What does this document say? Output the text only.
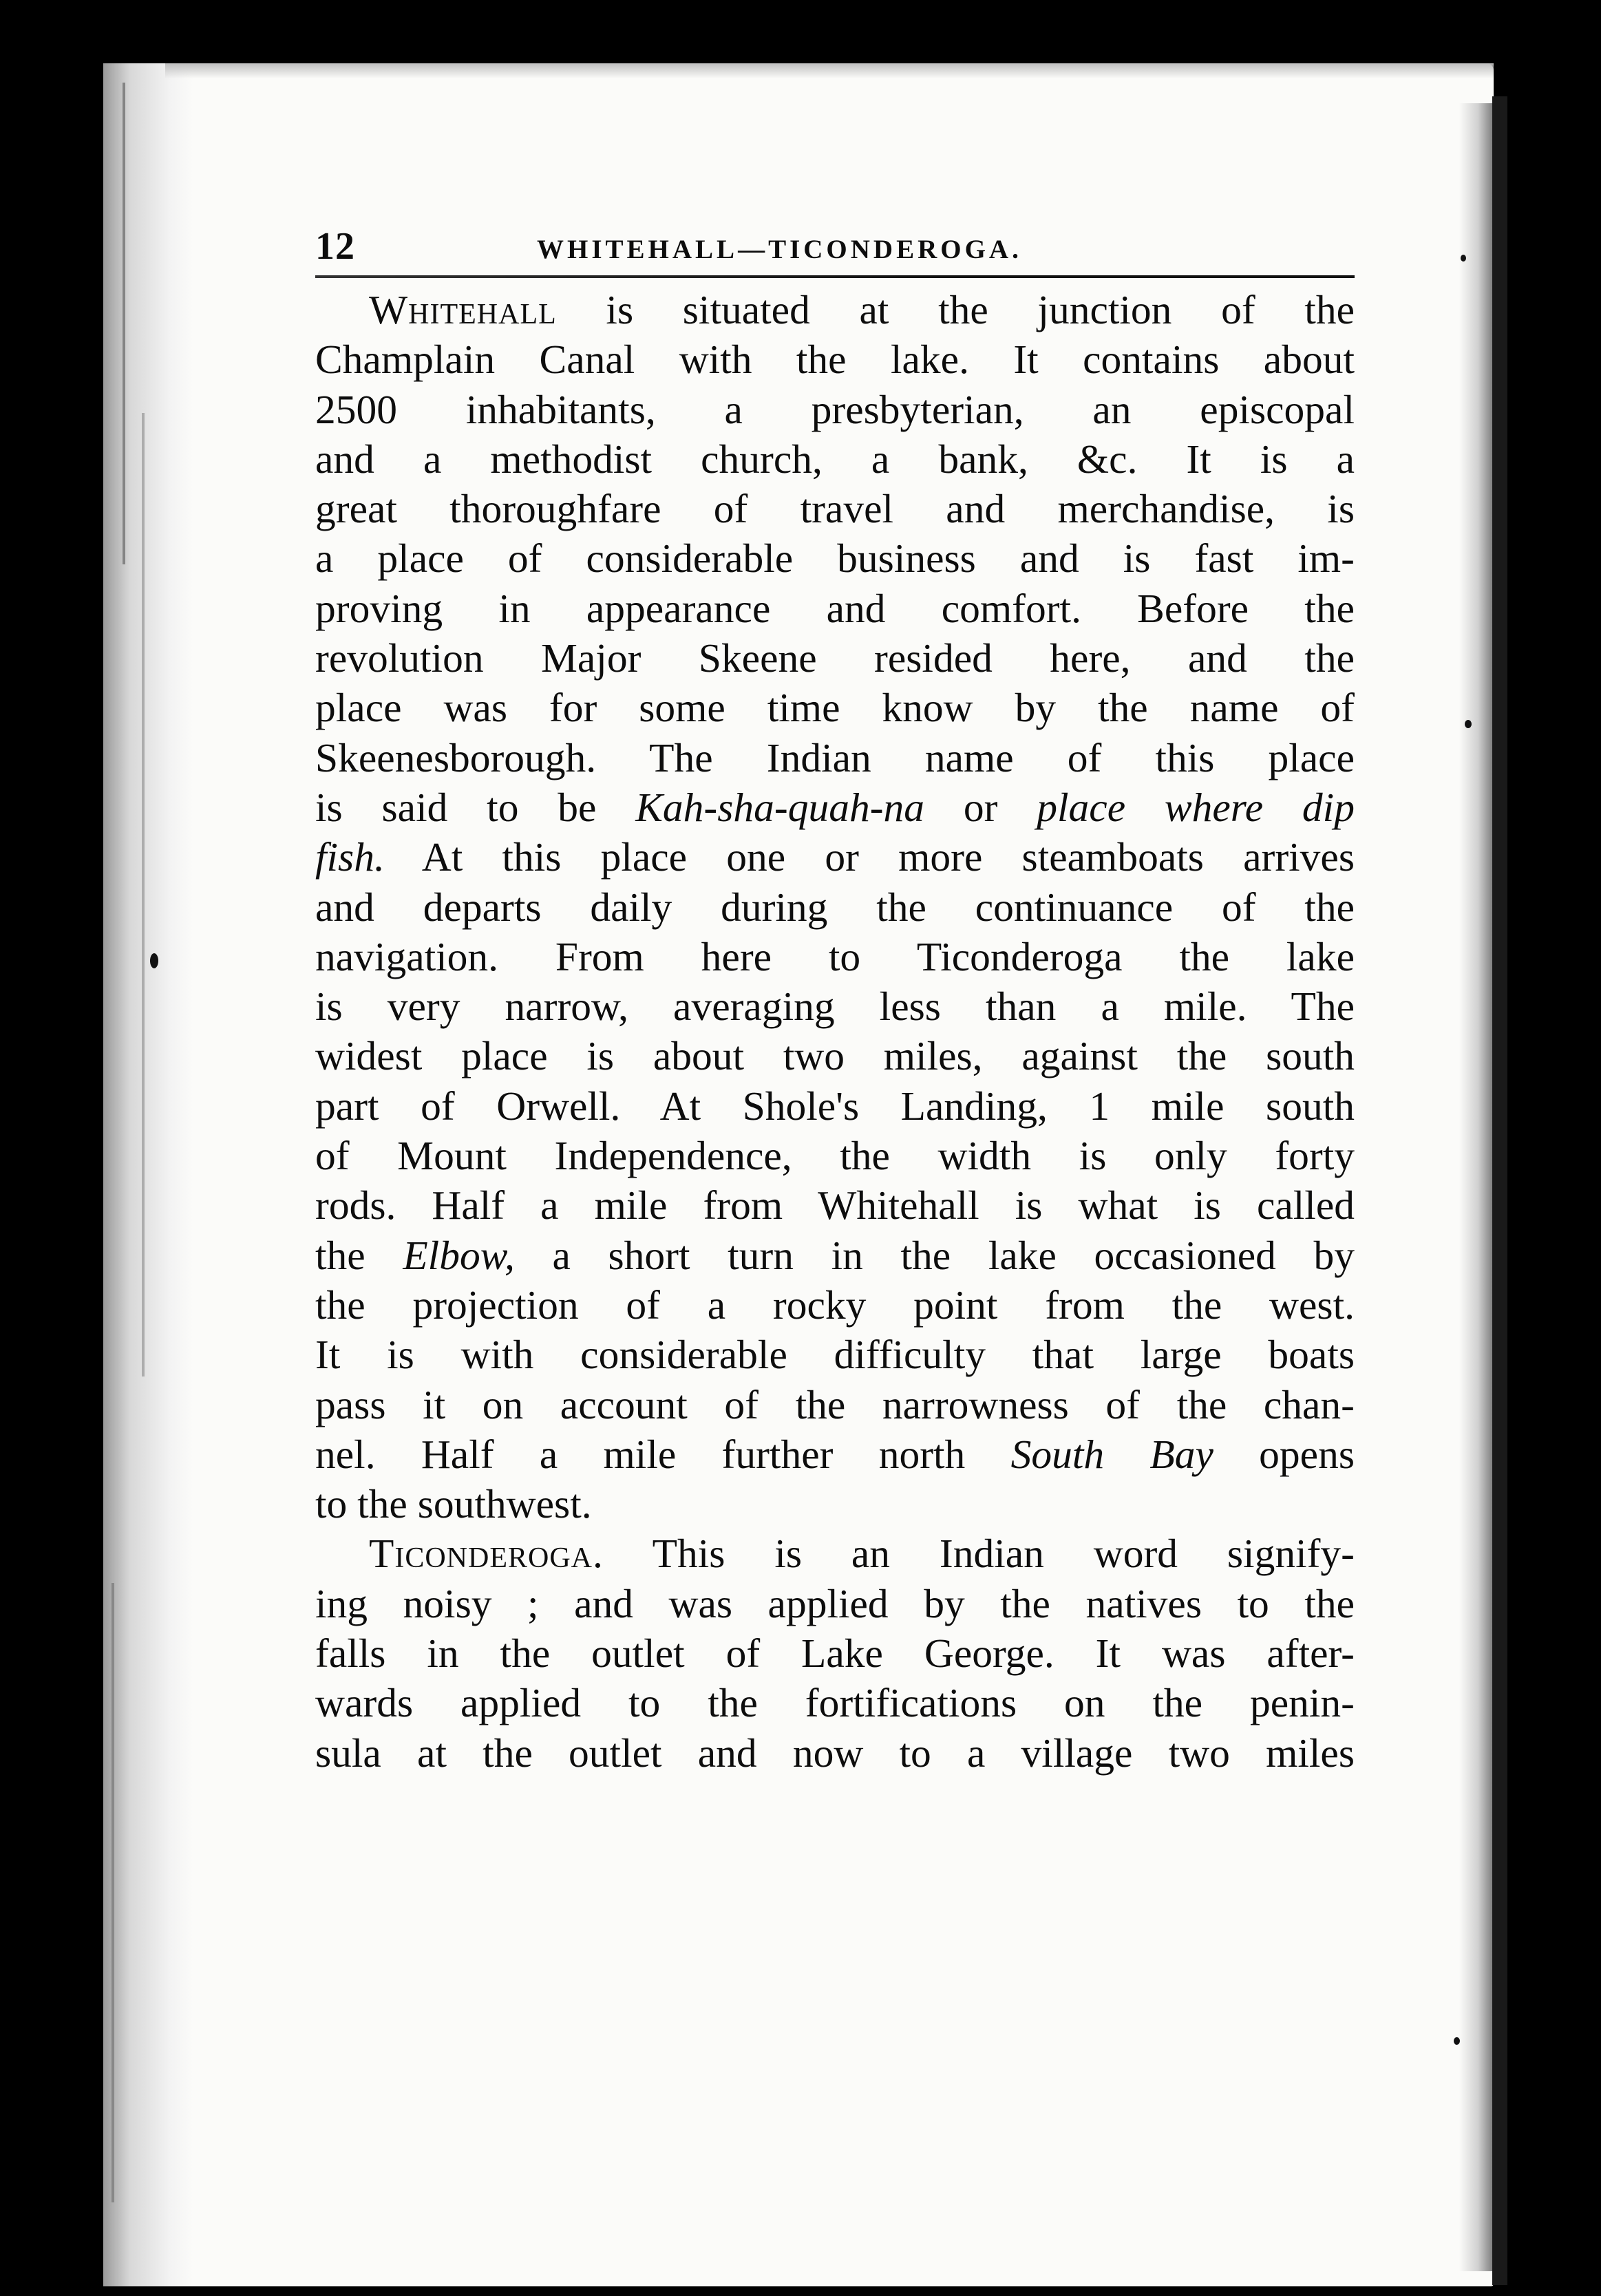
12	WHITEHALL—TICONDEROGA.

Whitehall is situated at the junction of the
Champlain Canal with the lake. It contains about
2500 inhabitants, a presbyterian, an episcopal
and a methodist church, a bank, &c. It is a
great thoroughfare of travel and merchandise, is
a place of considerable business and is fast im-
proving in appearance and comfort. Before the
revolution Major Skeene resided here, and the
place was for some time know by the name of
Skeenesborough. The Indian name of this place
is said to be Kah-sha-quah-na or place where dip
fish. At this place one or more steamboats arrives
and departs daily during the continuance of the
navigation. From here to Ticonderoga the lake
is very narrow, averaging less than a mile. The
widest place is about two miles, against the south
part of Orwell. At Shole's Landing, 1 mile south
of Mount Independence, the width is only forty
rods. Half a mile from Whitehall is what is called
the Elbow, a short turn in the lake occasioned by
the projection of a rocky point from the west.
It is with considerable difficulty that large boats
pass it on account of the narrowness of the chan-
nel. Half a mile further north South Bay opens
to the southwest.

Ticonderoga. This is an Indian word signify-
ing noisy ; and was applied by the natives to the
falls in the outlet of Lake George. It was after-
wards applied to the fortifications on the penin-
sula at the outlet and now to a village two miles
